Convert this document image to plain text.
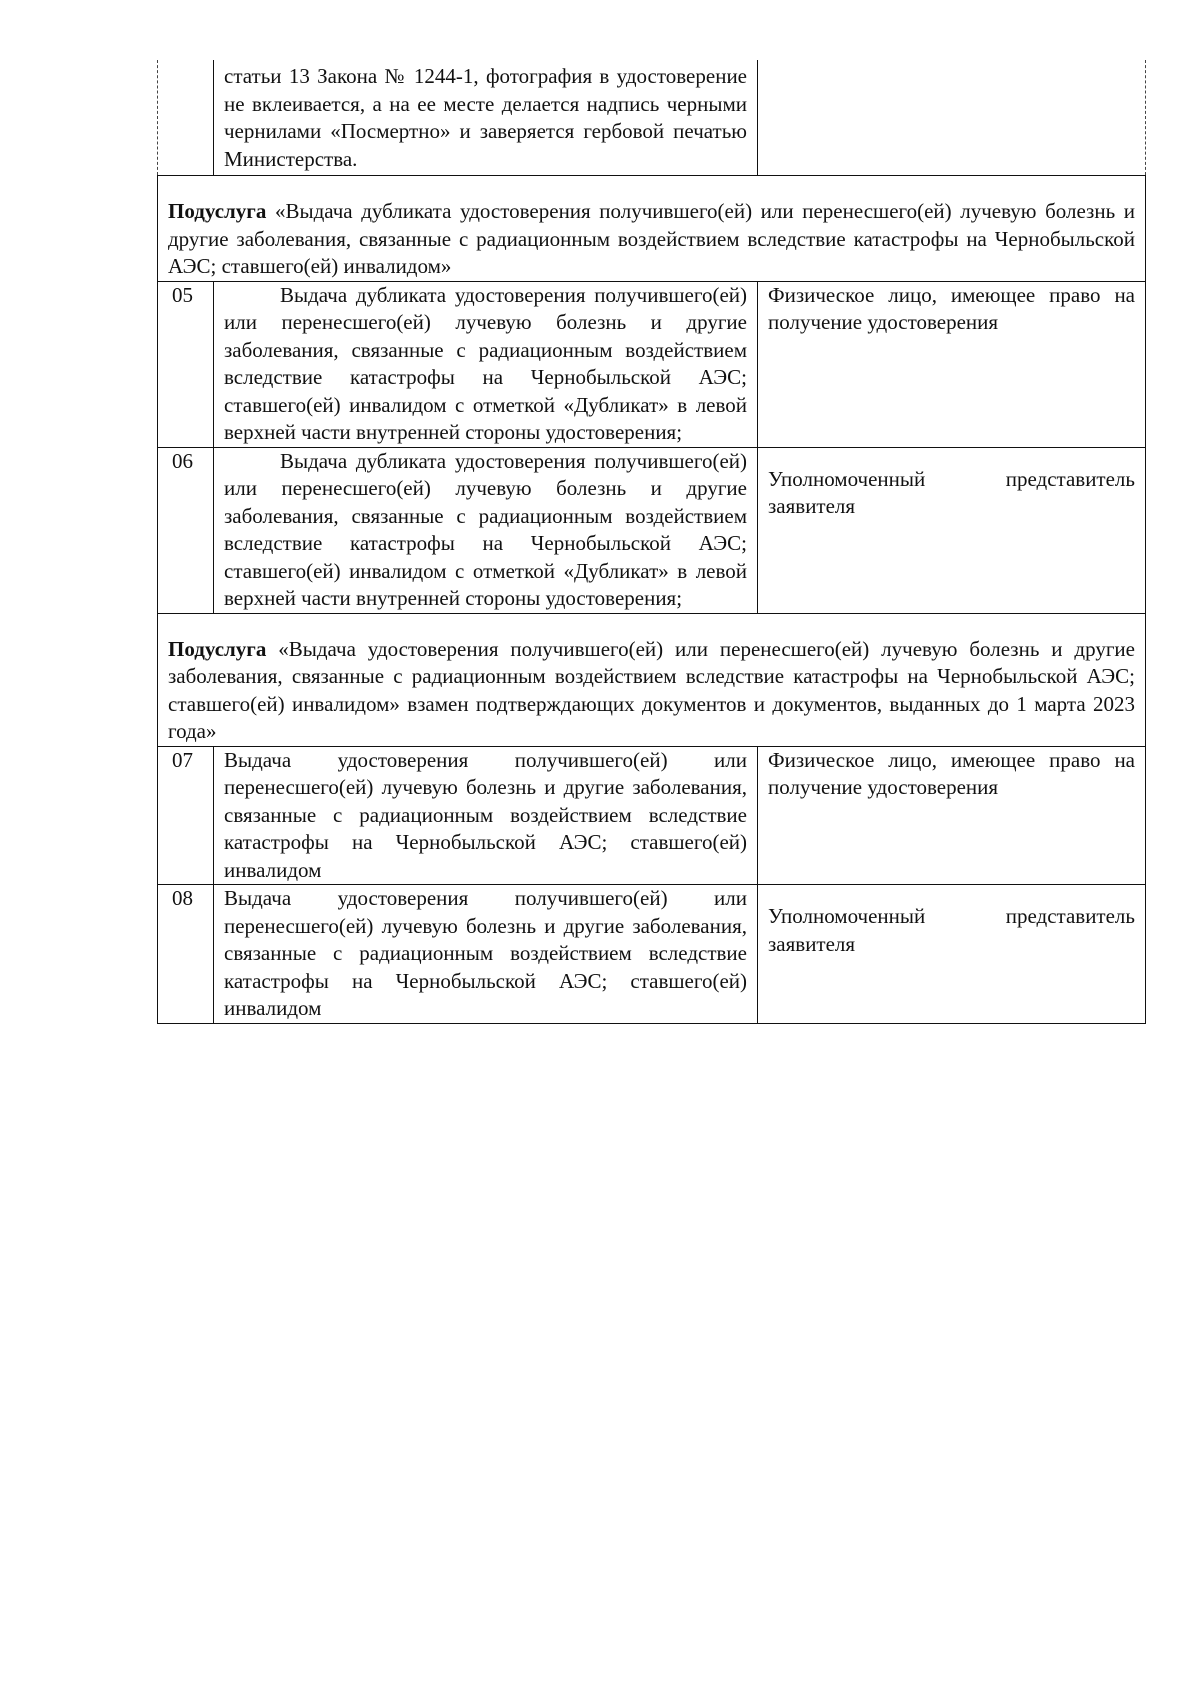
	статьи 13 Закона № 1244-1, фотография в удостоверение не вклеивается, а на ее месте делается надпись черными чернилами «Посмертно» и заверяется гербовой печатью Министерства.	

Подуслуга «Выдача дубликата удостоверения получившего(ей) или перенесшего(ей) лучевую болезнь и другие заболевания, связанные с радиационным воздействием вследствие катастрофы на Чернобыльской АЭС; ставшего(ей) инвалидом»		
05	Выдача дубликата удостоверения получившего(ей) или перенесшего(ей) лучевую болезнь и другие заболевания, связанные с радиационным воздействием вследствие катастрофы на Чернобыльской АЭС; ставшего(ей) инвалидом с отметкой «Дубликат» в левой верхней части внутренней стороны удостоверения;	Физическое лицо, имеющее право на получение удостоверения

06	Выдача дубликата удостоверения получившего(ей) или перенесшего(ей) лучевую болезнь и другие заболевания, связанные с радиационным воздействием вследствие катастрофы на Чернобыльской АЭС; ставшего(ей) инвалидом с отметкой «Дубликат» в левой верхней части внутренней стороны удостоверения;	Уполномоченный представитель заявителя

Подуслуга «Выдача удостоверения получившего(ей) или перенесшего(ей) лучевую болезнь и другие заболевания, связанные с радиационным воздействием вследствие катастрофы на Чернобыльской АЭС; ставшего(ей) инвалидом» взамен подтверждающих документов и документов, выданных до 1 марта 2023 года»		
07	Выдача удостоверения получившего(ей) или перенесшего(ей) лучевую болезнь и другие заболевания, связанные с радиационным воздействием вследствие катастрофы на Чернобыльской АЭС; ставшего(ей) инвалидом	Физическое лицо, имеющее право на получение удостоверения

08	Выдача удостоверения получившего(ей) или перенесшего(ей) лучевую болезнь и другие заболевания, связанные с радиационным воздействием вследствие катастрофы на Чернобыльской АЭС; ставшего(ей) инвалидом	Уполномоченный представитель заявителя
